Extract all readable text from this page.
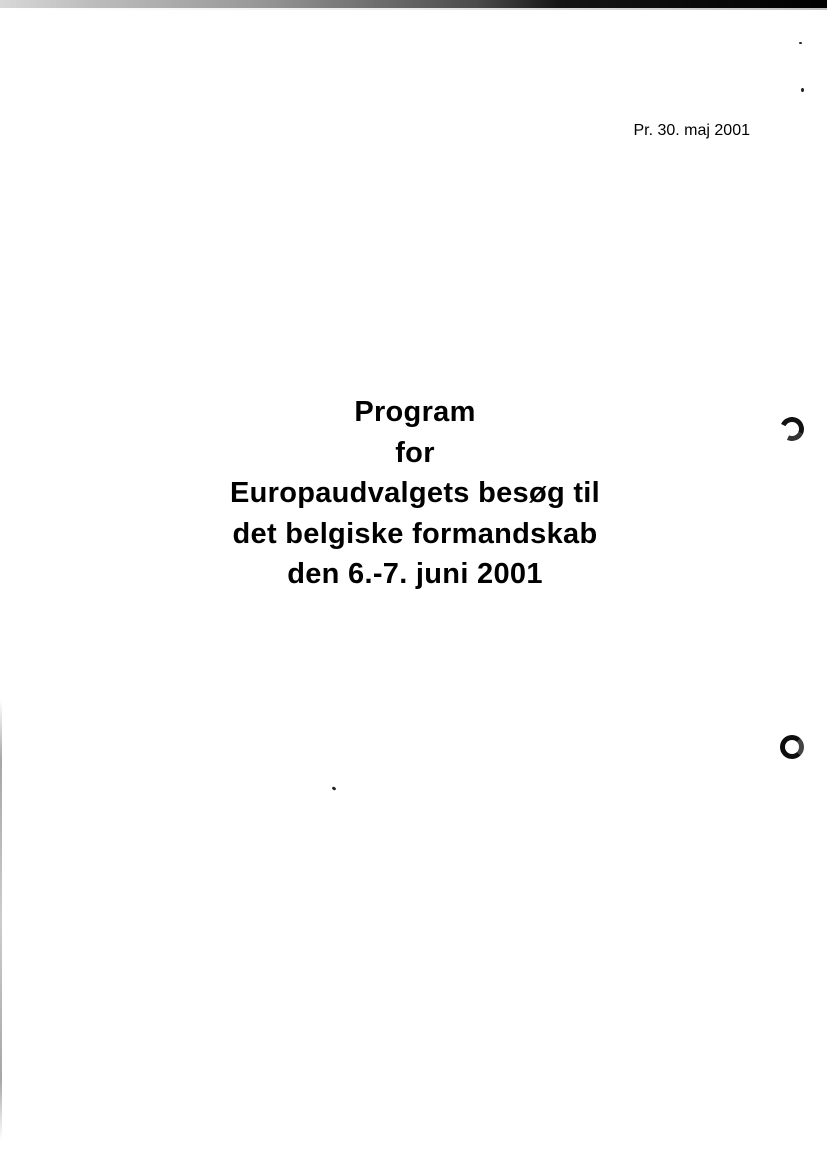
Pr. 30. maj 2001
Program
for
Europaudvalgets besøg til
det belgiske formandskab
den 6.-7. juni 2001
